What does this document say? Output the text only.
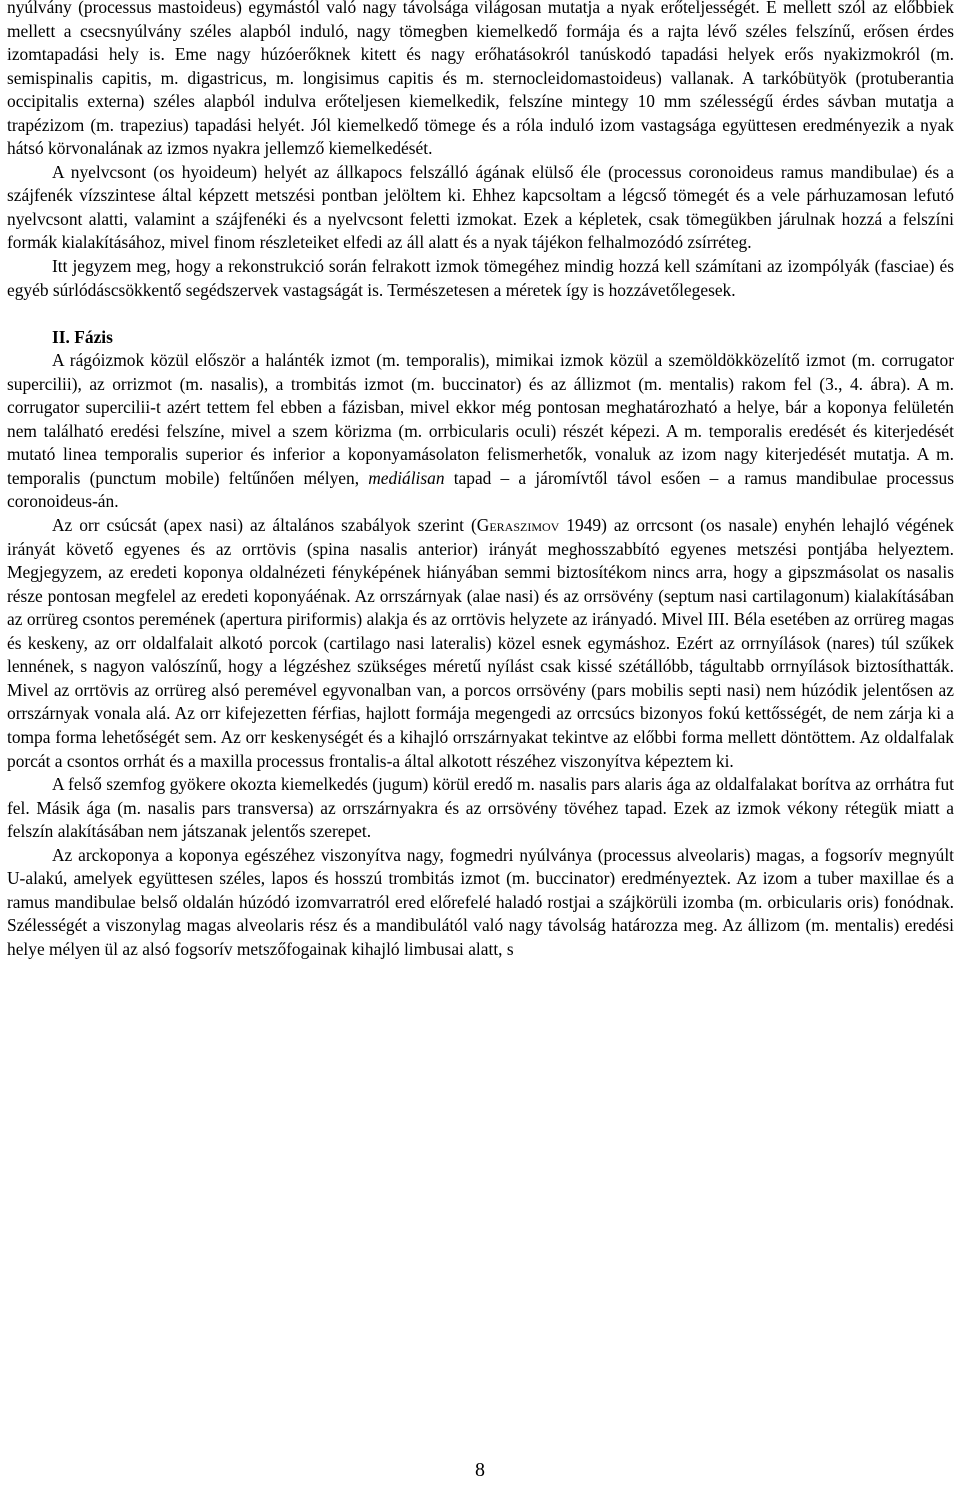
nyúlvány (processus mastoideus) egymástól való nagy távolsága világosan mutatja a nyak erőteljességét. E mellett szól az előbbiek mellett a csecsnyúlvány széles alapból induló, nagy tömegben kiemelkedő formája és a rajta lévő széles felszínű, erősen érdes izomtapadási hely is. Eme nagy húzóerőknek kitett és nagy erőhatásokról tanúskodó tapadási helyek erős nyakizmokról (m. semispinalis capitis, m. digastricus, m. longisimus capitis és m. sternocleidomastoideus) vallanak. A tarkóbütyök (protuberantia occipitalis externa) széles alapból indulva erőteljesen kiemelkedik, felszíne mintegy 10 mm szélességű érdes sávban mutatja a trapézizom (m. trapezius) tapadási helyét. Jól kiemelkedő tömege és a róla induló izom vastagsága együttesen eredményezik a nyak hátsó körvonalának az izmos nyakra jellemző kiemelkedését.

A nyelvcsont (os hyoideum) helyét az állkapocs felszálló ágának elülső éle (processus coronoideus ramus mandibulae) és a szájfenék vízszintese által képzett metszési pontban jelöltem ki. Ehhez kapcsoltam a légcső tömegét és a vele párhuzamosan lefutó nyelvcsont alatti, valamint a szájfenéki és a nyelvcsont feletti izmokat. Ezek a képletek, csak tömegükben járulnak hozzá a felszíni formák kialakításához, mivel finom részleteiket elfedi az áll alatt és a nyak tájékon felhalmozódó zsírréteg.

Itt jegyzem meg, hogy a rekonstrukció során felrakott izmok tömegéhez mindig hozzá kell számítani az izompólyák (fasciae) és egyéb súrlódáscsökkentő segédszervek vastagságát is. Természetesen a méretek így is hozzávetőlegesek.

II. Fázis

A rágóizmok közül először a halánték izmot (m. temporalis), mimikai izmok közül a szemöldökközelítő izmot (m. corrugator supercilii), az orrizmot (m. nasalis), a trombitás izmot (m. buccinator) és az állizmot (m. mentalis) rakom fel (3., 4. ábra). A m. corrugator supercilii-t azért tettem fel ebben a fázisban, mivel ekkor még pontosan meghatározható a helye, bár a koponya felületén nem található eredési felszíne, mivel a szem körizma (m. orrbicularis oculi) részét képezi. A m. temporalis eredését és kiterjedését mutató linea temporalis superior és inferior a koponyamásolaton felismerhetők, vonaluk az izom nagy kiterjedését mutatja. A m. temporalis (punctum mobile) feltűnően mélyen, mediálisan tapad – a járomívtől távol esően – a ramus mandibulae processus coronoideus-án.

Az orr csúcsát (apex nasi) az általános szabályok szerint (Geraszimov 1949) az orrcsont (os nasale) enyhén lehajló végének irányát követő egyenes és az orrtövis (spina nasalis anterior) irányát meghosszabbító egyenes metszési pontjába helyeztem. Megjegyzem, az eredeti koponya oldalnézeti fényképének hiányában semmi biztosítékom nincs arra, hogy a gipszmásolat os nasalis része pontosan megfelel az eredeti koponyáénak. Az orrszárnyak (alae nasi) és az orrsövény (septum nasi cartilagonum) kialakításában az orrüreg csontos peremének (apertura piriformis) alakja és az orrtövis helyzete az irányadó. Mivel III. Béla esetében az orrüreg magas és keskeny, az orr oldalfalait alkotó porcok (cartilago nasi lateralis) közel esnek egymáshoz. Ezért az orrnyílások (nares) túl szűkek lennének, s nagyon valószínű, hogy a légzéshez szükséges méretű nyílást csak kissé szétállóbb, tágultabb orrnyílások biztosíthatták. Mivel az orrtövis az orrüreg alsó peremével egyvonalban van, a porcos orrsövény (pars mobilis septi nasi) nem húzódik jelentősen az orrszárnyak vonala alá. Az orr kifejezetten férfias, hajlott formája megengedi az orrcsúcs bizonyos fokú kettősségét, de nem zárja ki a tompa forma lehetőségét sem. Az orr keskenységét és a kihajló orrszárnyakat tekintve az előbbi forma mellett döntöttem. Az oldalfalak porcát a csontos orrhát és a maxilla processus frontalis-a által alkotott részéhez viszonyítva képeztem ki.

A felső szemfog gyökere okozta kiemelkedés (jugum) körül eredő m. nasalis pars alaris ága az oldalfalakat borítva az orrhátra fut fel. Másik ága (m. nasalis pars transversa) az orrszárnyakra és az orrsövény tövéhez tapad. Ezek az izmok vékony rétegük miatt a felszín alakításában nem játszanak jelentős szerepet.

Az arckoponya a koponya egészéhez viszonyítva nagy, fogmedri nyúlványa (processus alveolaris) magas, a fogsorív megnyúlt U-alakú, amelyek együttesen széles, lapos és hosszú trombitás izmot (m. buccinator) eredményeztek. Az izom a tuber maxillae és a ramus mandibulae belső oldalán húzódó izomvarratról ered előrefelé haladó rostjai a szájkörüli izomba (m. orbicularis oris) fonódnak. Szélességét a viszonylag magas alveolaris rész és a mandibulától való nagy távolság határozza meg. Az állizom (m. mentalis) eredési helye mélyen ül az alsó fogsorív metszőfogainak kihajló limbusai alatt, s

8
